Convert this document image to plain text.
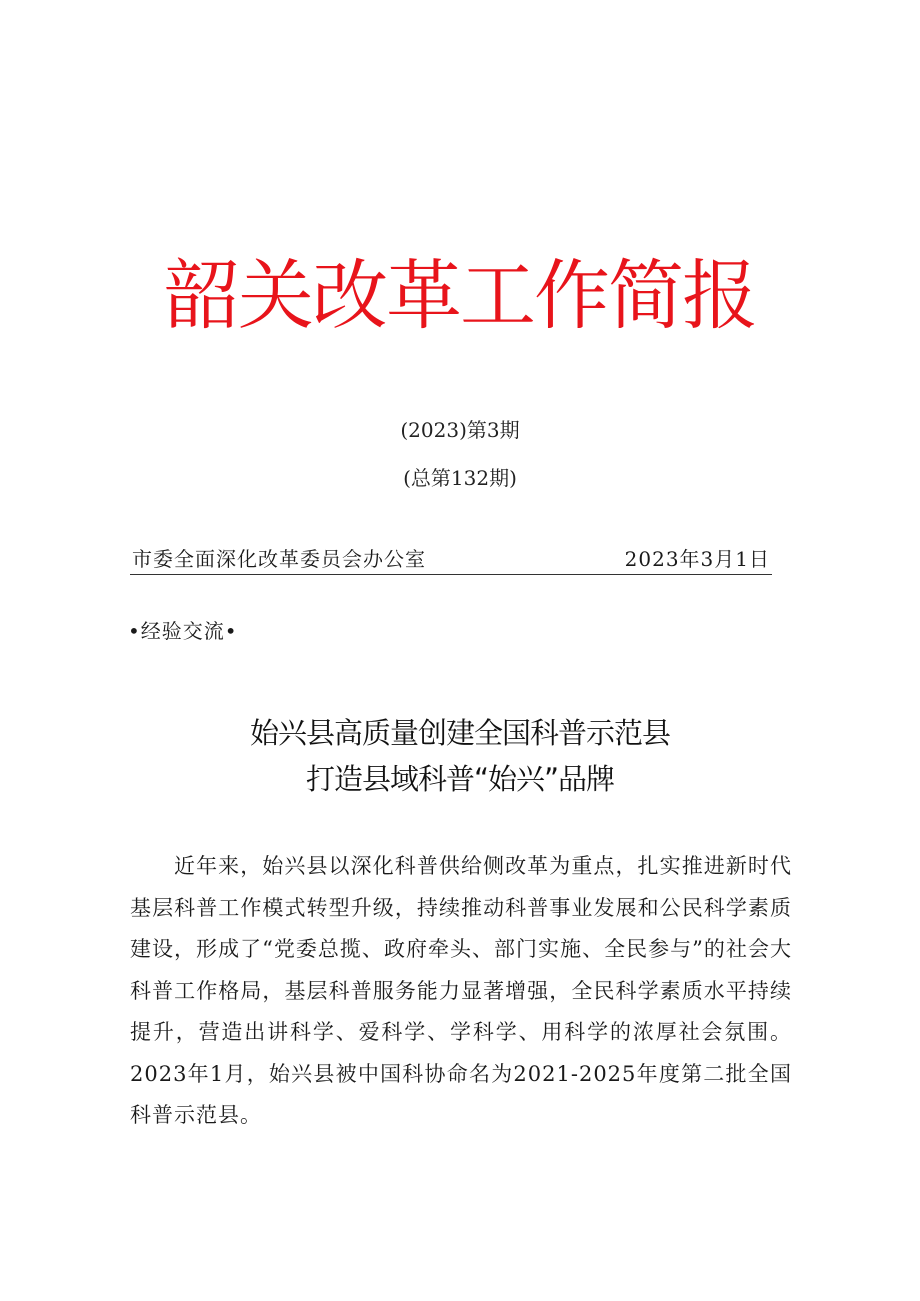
韶关改革工作简报
(2023)第3期
(总第132期)
市委全面深化改革委员会办公室	2023年3月1日
•经验交流•
始兴县高质量创建全国科普示范县
打造县域科普“始兴”品牌

近年来，始兴县以深化科普供给侧改革为重点，扎实推进新时代基层科普工作模式转型升级，持续推动科普事业发展和公民科学素质建设，形成了“党委总揽、政府牵头、部门实施、全民参与”的社会大科普工作格局，基层科普服务能力显著增强，全民科学素质水平持续提升，营造出讲科学、爱科学、学科学、用科学的浓厚社会氛围。2023年1月，始兴县被中国科协命名为2021-2025年度第二批全国科普示范县。
